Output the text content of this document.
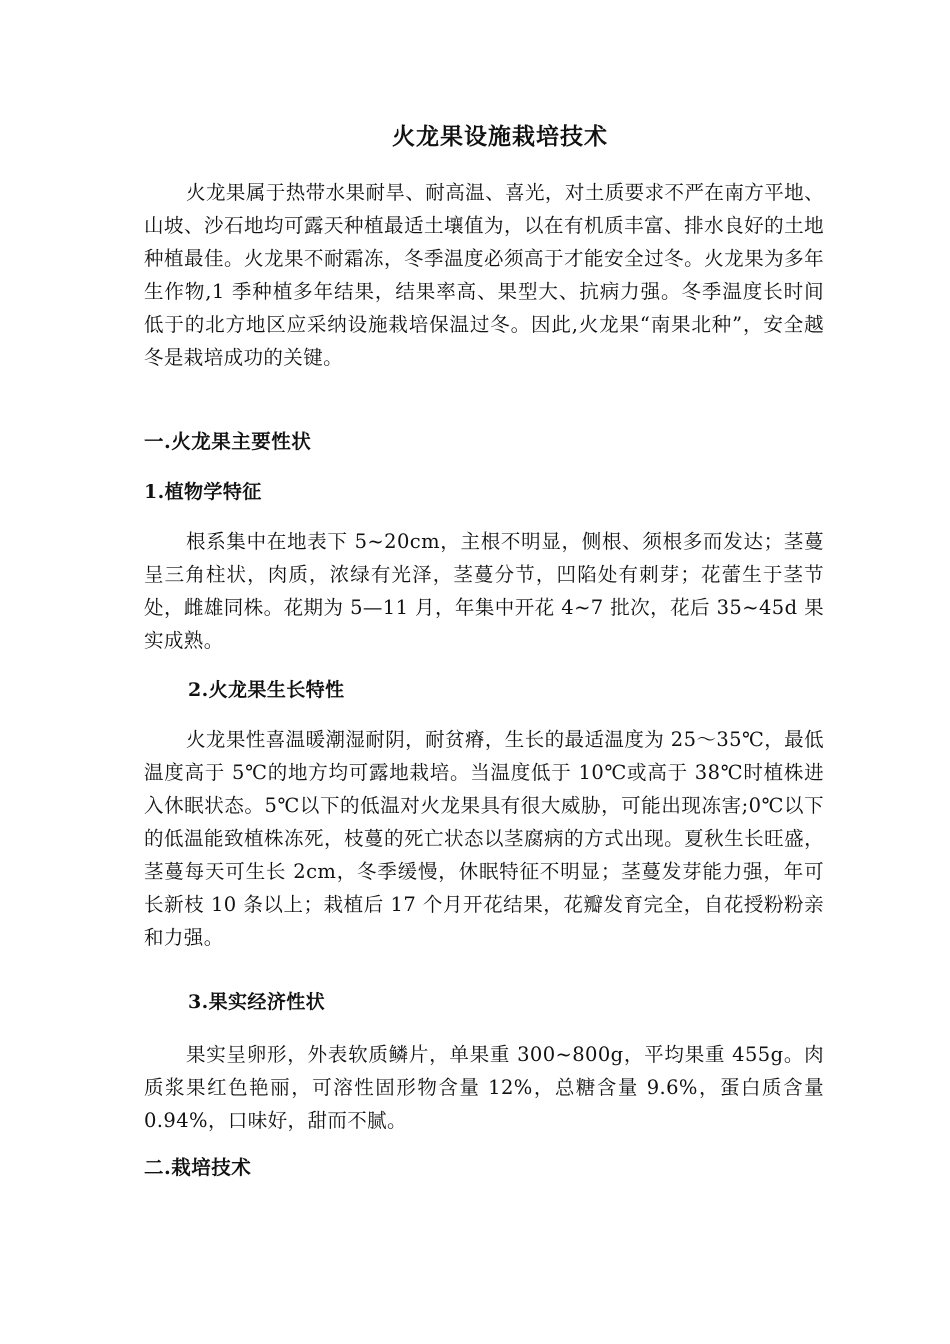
火龙果设施栽培技术

火龙果属于热带水果耐旱、耐高温、喜光，对土质要求不严在南方平地、山坡、沙石地均可露天种植最适土壤值为，以在有机质丰富、排水良好的土地种植最佳。火龙果不耐霜冻，冬季温度必须高于才能安全过冬。火龙果为多年生作物,1 季种植多年结果，结果率高、果型大、抗病力强。冬季温度长时间低于的北方地区应采纳设施栽培保温过冬。因此,火龙果“南果北种”，安全越冬是栽培成功的关键。

一.火龙果主要性状
1.植物学特征

根系集中在地表下 5~20cm，主根不明显，侧根、须根多而发达；茎蔓呈三角柱状，肉质，浓绿有光泽，茎蔓分节，凹陷处有刺芽；花蕾生于茎节处，雌雄同株。花期为 5—11 月，年集中开花 4~7 批次，花后 35~45d 果实成熟。

2.火龙果生长特性

火龙果性喜温暖潮湿耐阴，耐贫瘠，生长的最适温度为 25～35℃，最低温度高于 5℃的地方均可露地栽培。当温度低于 10℃或高于 38℃时植株进入休眠状态。5℃以下的低温对火龙果具有很大威胁，可能出现冻害;0℃以下的低温能致植株冻死，枝蔓的死亡状态以茎腐病的方式出现。夏秋生长旺盛，茎蔓每天可生长 2cm，冬季缓慢，休眠特征不明显；茎蔓发芽能力强，年可长新枝 10 条以上；栽植后 17 个月开花结果，花瓣发育完全，自花授粉粉亲和力强。

3.果实经济性状

果实呈卵形，外表软质鳞片，单果重 300~800g，平均果重 455g。肉质浆果红色艳丽，可溶性固形物含量 12%，总糖含量 9.6%，蛋白质含量 0.94%，口味好，甜而不腻。

二.栽培技术
